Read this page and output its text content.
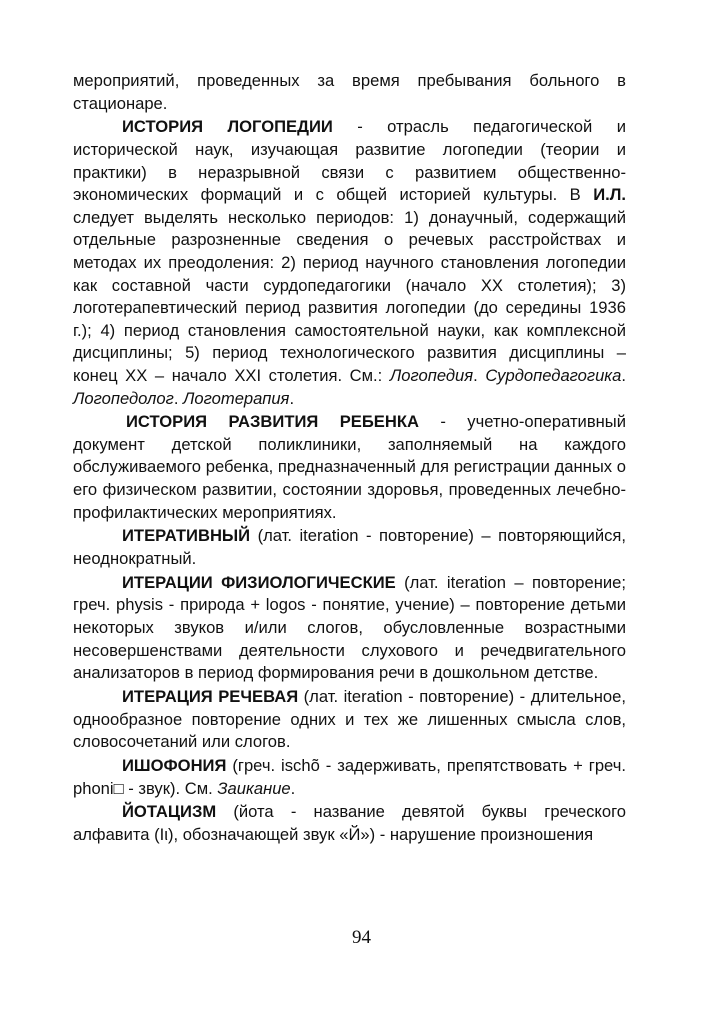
мероприятий, проведенных за время пребывания больного в стационаре.

ИСТОРИЯ ЛОГОПЕДИИ - отрасль педагогической и исторической наук, изучающая развитие логопедии (теории и практики) в неразрывной связи с развитием общественно-экономических формаций и с общей историей культуры. В И.Л. следует выделять несколько периодов: 1) донаучный, содержащий отдельные разрозненные сведения о речевых расстройствах и методах их преодоления: 2) период научного становления логопедии как составной части сурдопедагогики (начало XX столетия); 3) логотерапевтический период развития логопедии (до середины 1936 г.); 4) период становления самостоятельной науки, как комплексной дисциплины; 5) период технологического развития дисциплины – конец XX – начало XXI столетия. См.: Логопедия. Сурдопедагогика. Логопедолог. Логотерапия.

ИСТОРИЯ РАЗВИТИЯ РЕБЕНКА - учетно-оперативный документ детской поликлиники, заполняемый на каждого обслуживаемого ребенка, предназначенный для регистрации данных о его физическом развитии, состоянии здоровья, проведенных лечебно-профилактических мероприятиях.

ИТЕРАТИВНЫЙ (лат. iteration - повторение) – повторяющийся, неоднократный.

ИТЕРАЦИИ ФИЗИОЛОГИЧЕСКИЕ (лат. iteration – повторение; греч. physis - природа + logos - понятие, учение) – повторение детьми некоторых звуков и/или слогов, обусловленные возрастными несовершенствами деятельности слухового и речедвигательного анализаторов в период формирования речи в дошкольном детстве.

ИТЕРАЦИЯ РЕЧЕВАЯ (лат. iteration - повторение) - длительное, однообразное повторение одних и тех же лишенных смысла слов, словосочетаний или слогов.

ИШОФОНИЯ (греч. ischõ - задерживать, препятствовать + греч. phoni□ - звук). См. Заикание.

ЙОТАЦИЗМ (йота - название девятой буквы греческого алфавита (Iι), обозначающей звук «Й») - нарушение произношения

94
